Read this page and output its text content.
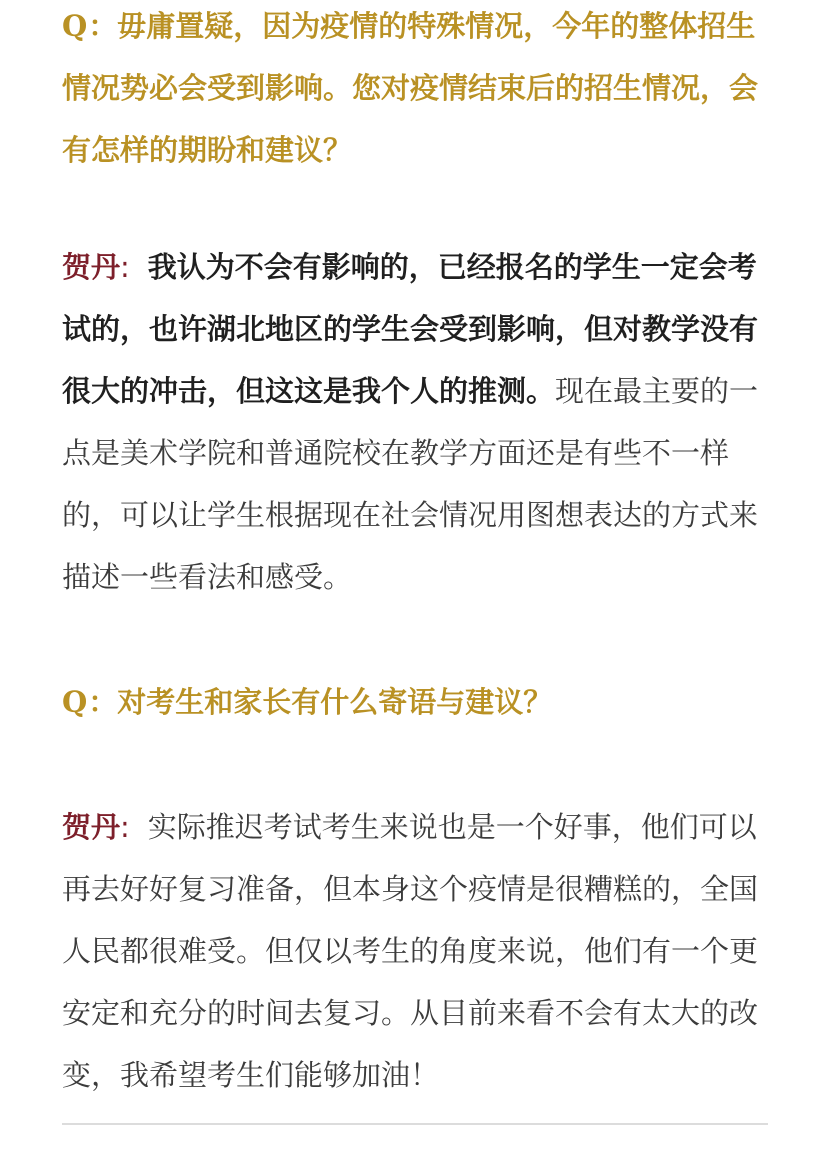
Q：毋庸置疑，因为疫情的特殊情况，今年的整体招生情况势必会受到影响。您对疫情结束后的招生情况，会有怎样的期盼和建议？

贺丹: 我认为不会有影响的，已经报名的学生一定会考试的，也许湖北地区的学生会受到影响，但对教学没有很大的冲击，但这这是我个人的推测。现在最主要的一点是美术学院和普通院校在教学方面还是有些不一样的，可以让学生根据现在社会情况用图想表达的方式来描述一些看法和感受。

Q：对考生和家长有什么寄语与建议？

贺丹: 实际推迟考试考生来说也是一个好事，他们可以再去好好复习准备，但本身这个疫情是很糟糕的，全国人民都很难受。但仅以考生的角度来说，他们有一个更安定和充分的时间去复习。从目前来看不会有太大的改变，我希望考生们能够加油！
